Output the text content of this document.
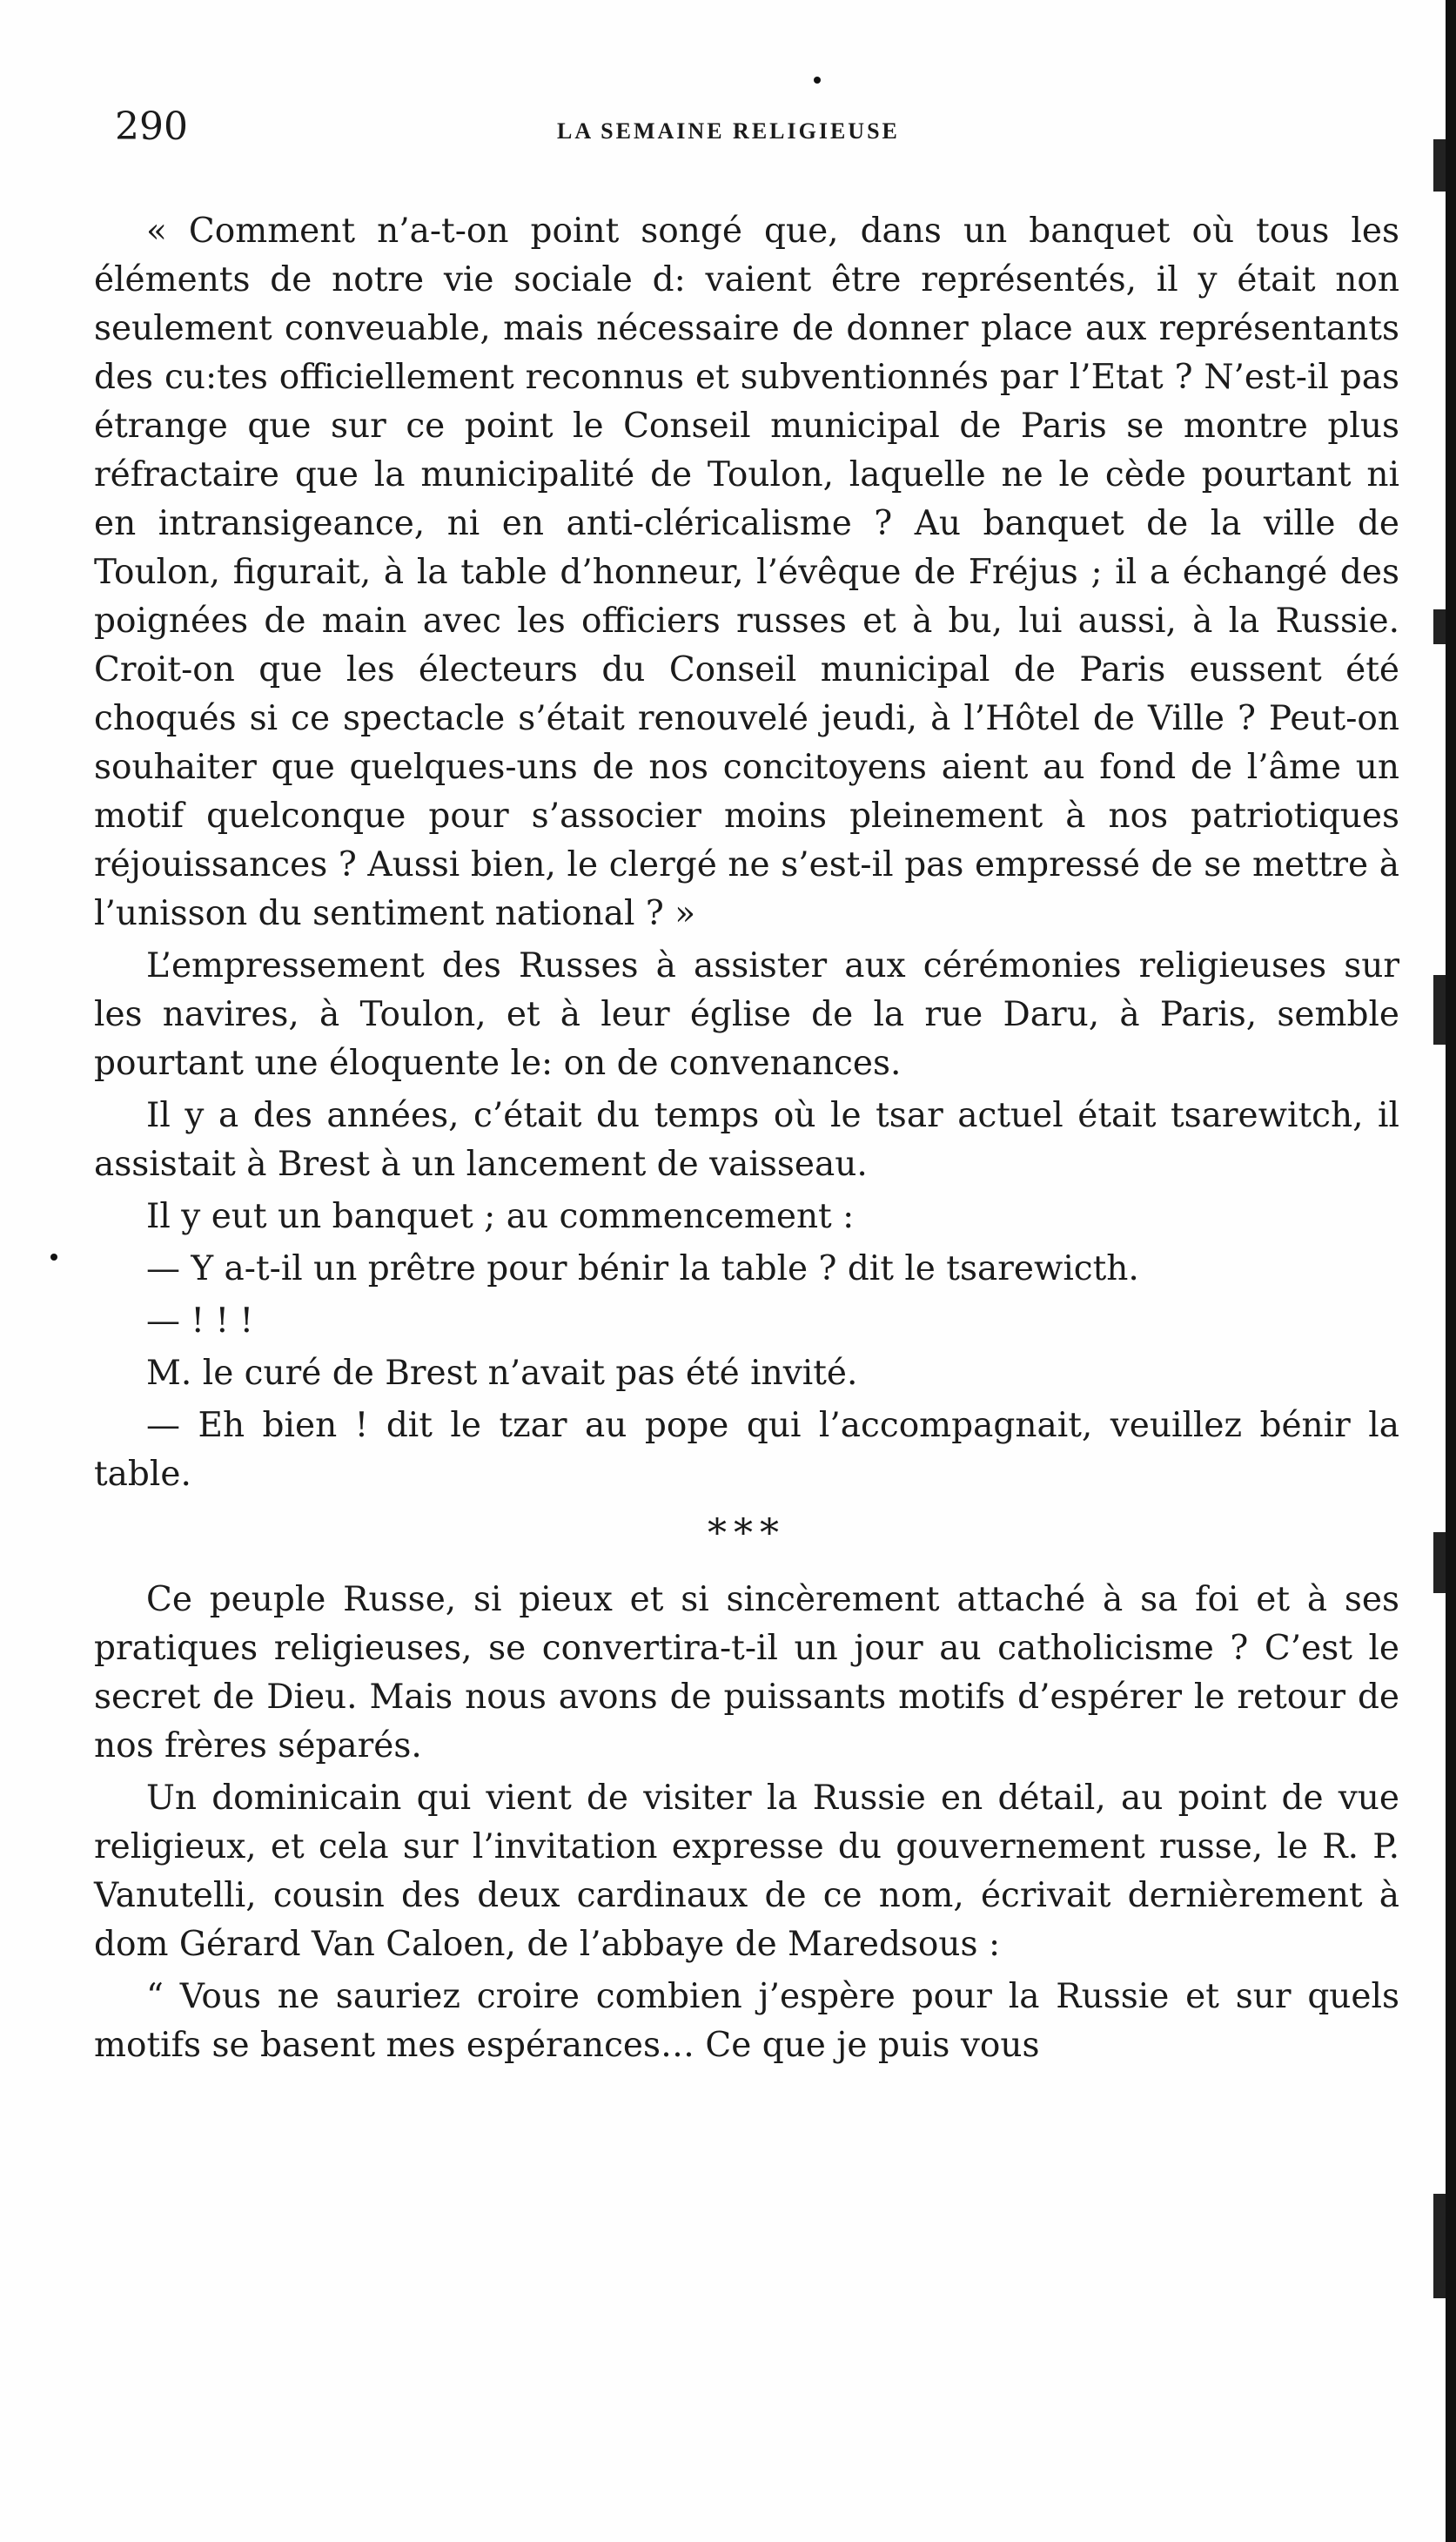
290	LA SEMAINE RELIGIEUSE

« Comment n’a-t-on point songé que, dans un banquet où tous les éléments de notre vie sociale d: vaient être représentés, il y était non seulement conveuable, mais nécessaire de donner place aux représentants des cu:tes officiellement reconnus et subventionnés par l’Etat ? N’est-il pas étrange que sur ce point le Conseil municipal de Paris se montre plus réfractaire que la municipalité de Toulon, laquelle ne le cède pourtant ni en intransigeance, ni en anti-cléricalisme ? Au banquet de la ville de Toulon, figurait, à la table d’honneur, l’évêque de Fréjus ; il a échangé des poignées de main avec les officiers russes et à bu, lui aussi, à la Russie. Croit-on que les électeurs du Conseil municipal de Paris eussent été choqués si ce spectacle s’était renouvelé jeudi, à l’Hôtel de Ville ? Peut-on souhaiter que quelques-uns de nos concitoyens aient au fond de l’âme un motif quelconque pour s’associer moins pleinement à nos patriotiques réjouissances ? Aussi bien, le clergé ne s’est-il pas empressé de se mettre à l’unisson du sentiment national ? »

L’empressement des Russes à assister aux cérémonies religieuses sur les navires, à Toulon, et à leur église de la rue Daru, à Paris, semble pourtant une éloquente le: on de convenances.

Il y a des années, c’était du temps où le tsar actuel était tsarewitch, il assistait à Brest à un lancement de vaisseau.

Il y eut un banquet ; au commencement :

— Y a-t-il un prêtre pour bénir la table ? dit le tsarewicth.

— ! ! !

M. le curé de Brest n’avait pas été invité.

— Eh bien ! dit le tzar au pope qui l’accompagnait, veuillez bénir la table.

***

Ce peuple Russe, si pieux et si sincèrement attaché à sa foi et à ses pratiques religieuses, se convertira-t-il un jour au catholicisme ? C’est le secret de Dieu. Mais nous avons de puissants motifs d’espérer le retour de nos frères séparés.

Un dominicain qui vient de visiter la Russie en détail, au point de vue religieux, et cela sur l’invitation expresse du gouvernement russe, le R. P. Vanutelli, cousin des deux cardinaux de ce nom, écrivait dernièrement à dom Gérard Van Caloen, de l’abbaye de Maredsous :

“ Vous ne sauriez croire combien j’espère pour la Russie et sur quels motifs se basent mes espérances… Ce que je puis vous
